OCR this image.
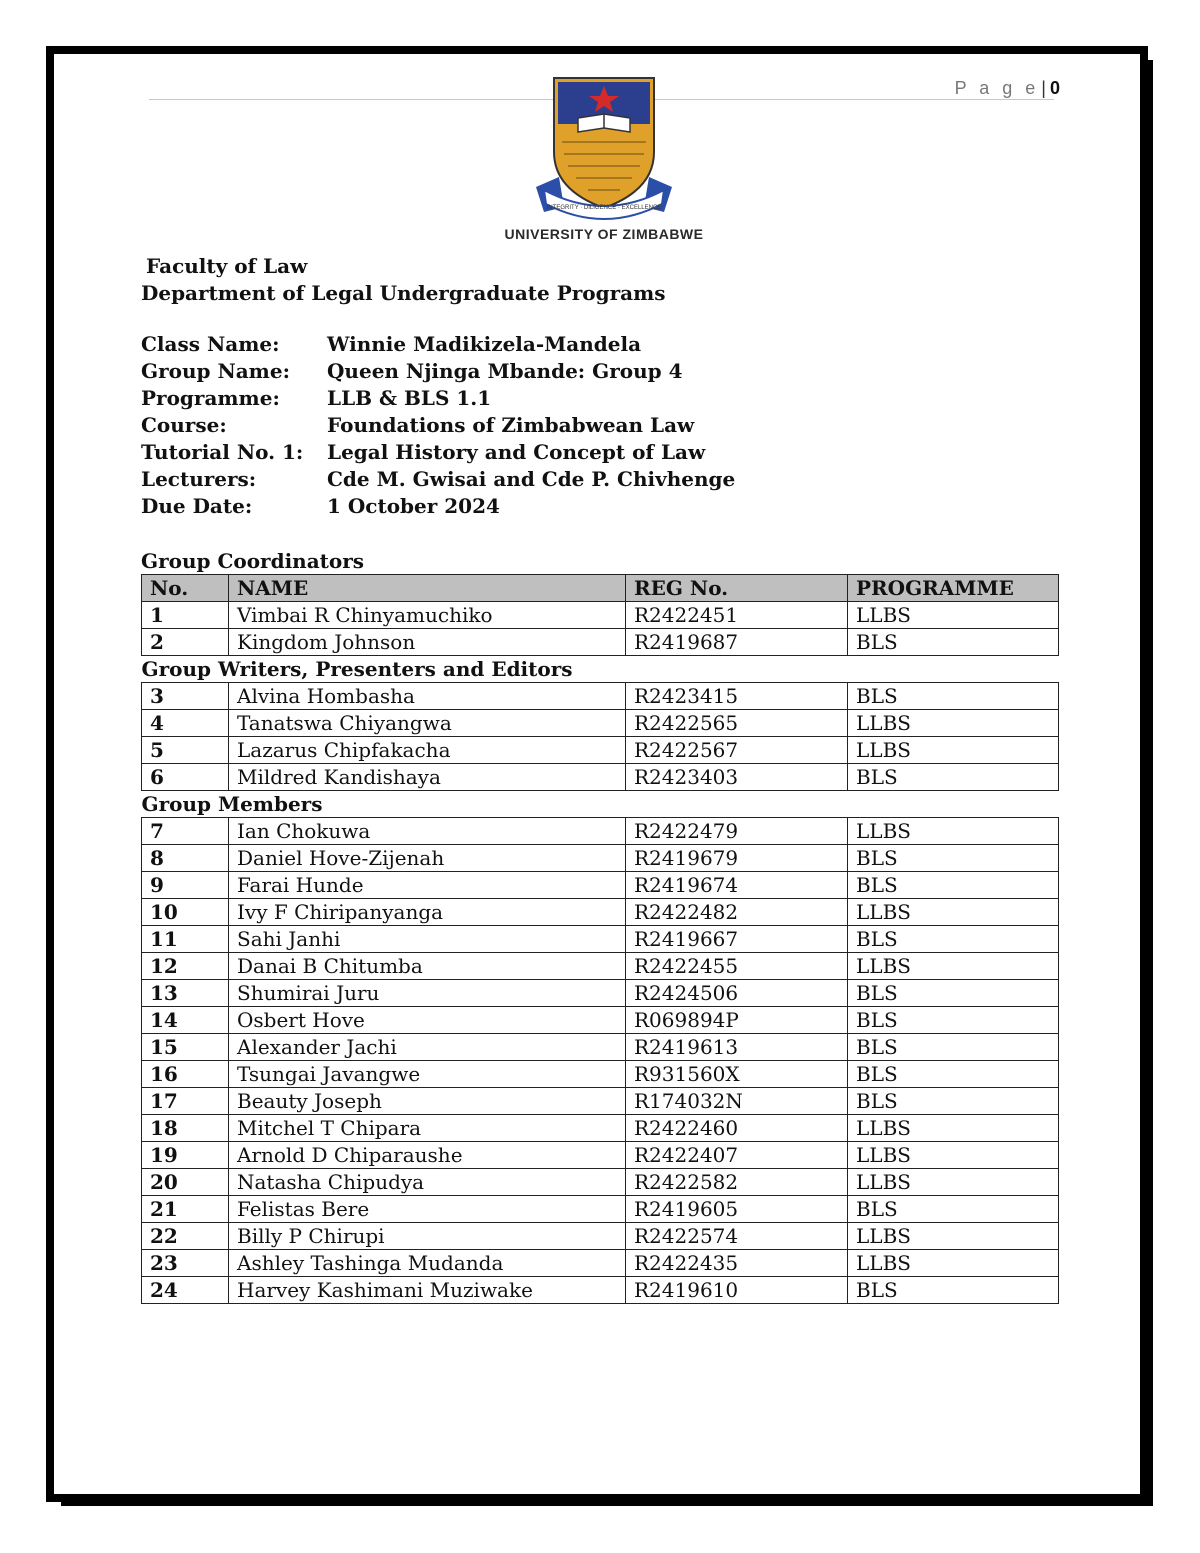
P a g e | 0
INTEGRITY · DILIGENCE · EXCELLENCE
UNIVERSITY OF ZIMBABWE
Faculty of Law
Department of Legal Undergraduate Programs
Class Name:	Winnie Madikizela-Mandela
Group Name:	Queen Njinga Mbande: Group 4
Programme:	LLB & BLS 1.1
Course:	Foundations of Zimbabwean Law
Tutorial No. 1:	Legal History and Concept of Law
Lecturers:	Cde M. Gwisai and Cde P. Chivhenge
Due Date:	1 October 2024
Group Coordinators
No.	NAME	REG No.	PROGRAMME
1	Vimbai R Chinyamuchiko	R2422451	LLBS
2	Kingdom Johnson	R2419687	BLS
Group Writers, Presenters and Editors			
3	Alvina Hombasha	R2423415	BLS
4	Tanatswa Chiyangwa	R2422565	LLBS
5	Lazarus Chipfakacha	R2422567	LLBS
6	Mildred Kandishaya	R2423403	BLS
Group Members			
7	Ian Chokuwa	R2422479	LLBS
8	Daniel Hove-Zijenah	R2419679	BLS
9	Farai Hunde	R2419674	BLS
10	Ivy F Chiripanyanga	R2422482	LLBS
11	Sahi Janhi	R2419667	BLS
12	Danai B Chitumba	R2422455	LLBS
13	Shumirai Juru	R2424506	BLS
14	Osbert Hove	R069894P	BLS
15	Alexander Jachi	R2419613	BLS
16	Tsungai Javangwe	R931560X	BLS
17	Beauty Joseph	R174032N	BLS
18	Mitchel T Chipara	R2422460	LLBS
19	Arnold D Chiparaushe	R2422407	LLBS
20	Natasha Chipudya	R2422582	LLBS
21	Felistas Bere	R2419605	BLS
22	Billy P Chirupi	R2422574	LLBS
23	Ashley Tashinga Mudanda	R2422435	LLBS
24	Harvey Kashimani Muziwake	R2419610	BLS
